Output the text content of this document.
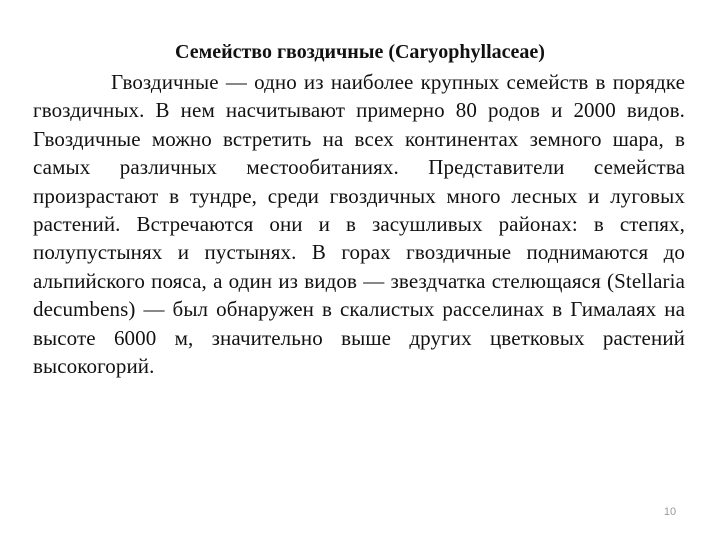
Семейство гвоздичные (Caryophyllaceae)

Гвоздичные — одно из наиболее крупных семейств в порядке гвоздичных. В нем насчитывают примерно 80 родов и 2000 видов. Гвоздичные можно встретить на всех континентах земного шара, в самых различных местообитаниях. Представители семейства произрастают в тундре, среди гвоздичных много лесных и луговых растений. Встречаются они и в засушливых районах: в степях, полупустынях и пустынях. В горах гвоздичные поднимаются до альпийского пояса, а один из видов — звездчатка стелющаяся (Stellaria decumbens) — был обнаружен в скалистых расселинах в Гималаях на высоте 6000 м, значительно выше других цветковых растений высокогорий.

10
